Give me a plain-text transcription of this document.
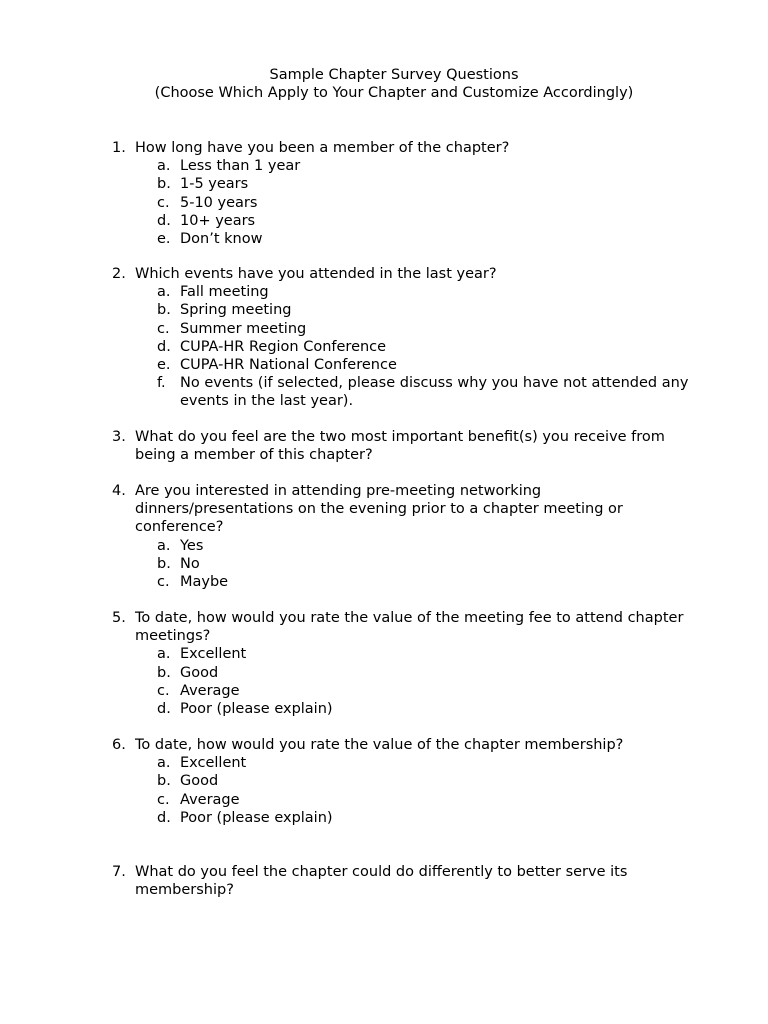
Sample Chapter Survey Questions
(Choose Which Apply to Your Chapter and Customize Accordingly)
1. How long have you been a member of the chapter?
a. Less than 1 year
b. 1-5 years
c. 5-10 years
d. 10+ years
e. Don’t know
2. Which events have you attended in the last year?
a. Fall meeting
b. Spring meeting
c. Summer meeting
d. CUPA-HR Region Conference
e. CUPA-HR National Conference
f. No events (if selected, please discuss why you have not attended any events in the last year).
3. What do you feel are the two most important benefit(s) you receive from being a member of this chapter?
4. Are you interested in attending pre-meeting networking dinners/presentations on the evening prior to a chapter meeting or conference?
a. Yes
b. No
c. Maybe
5. To date, how would you rate the value of the meeting fee to attend chapter meetings?
a. Excellent
b. Good
c. Average
d. Poor (please explain)
6. To date, how would you rate the value of the chapter membership?
a. Excellent
b. Good
c. Average
d. Poor (please explain)
7. What do you feel the chapter could do differently to better serve its membership?
